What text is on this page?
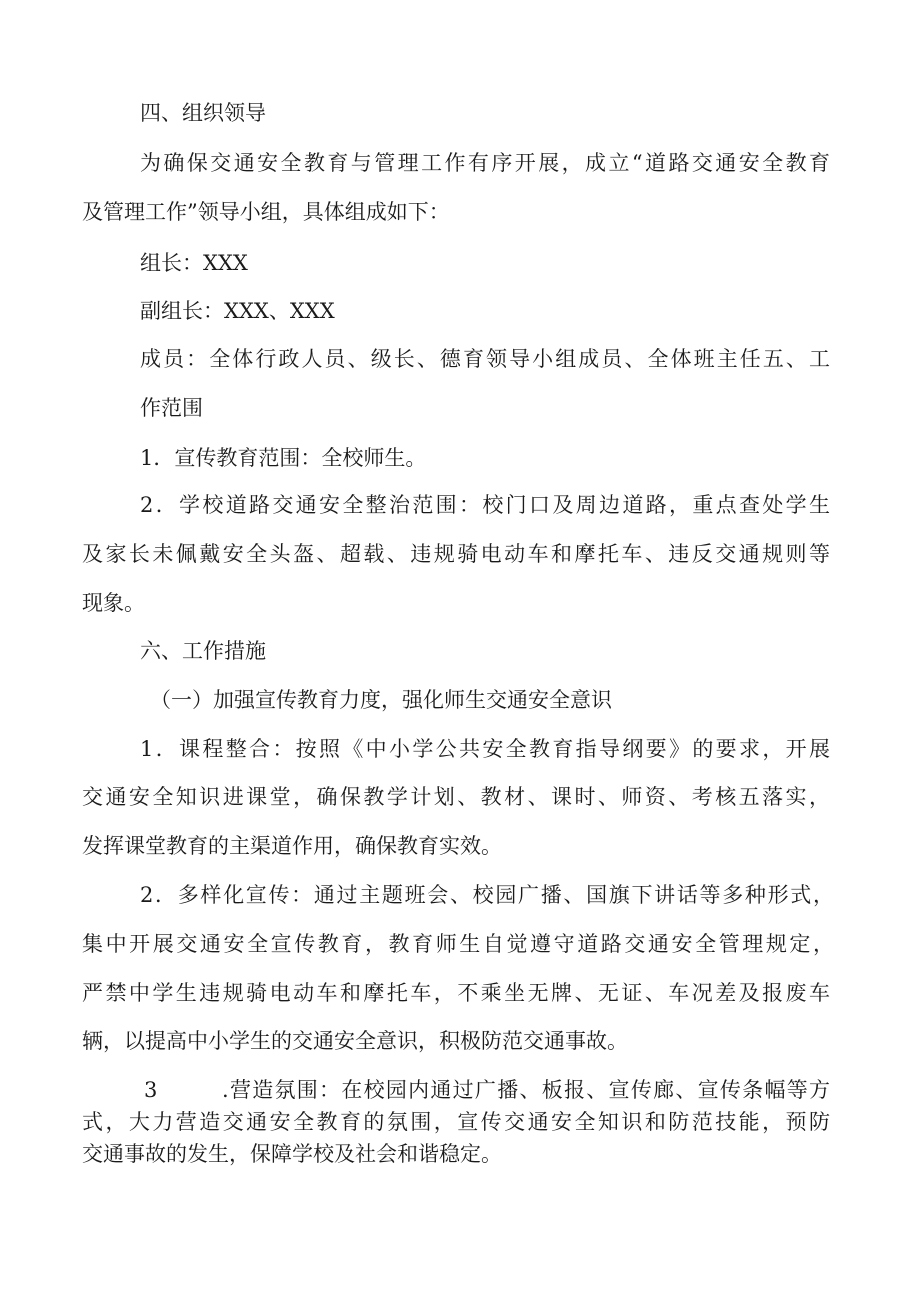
四、组织领导
为确保交通安全教育与管理工作有序开展，成立“道路交通安全教育
及管理工作”领导小组，具体组成如下：
组长：XXX
副组长：XXX、XXX
成员：全体行政人员、级长、德育领导小组成员、全体班主任五、工
作范围
1．宣传教育范围：全校师生。
2．学校道路交通安全整治范围：校门口及周边道路，重点查处学生
及家长未佩戴安全头盔、超载、违规骑电动车和摩托车、违反交通规则等
现象。
六、工作措施
（一）加强宣传教育力度，强化师生交通安全意识
1．课程整合：按照《中小学公共安全教育指导纲要》的要求，开展
交通安全知识进课堂，确保教学计划、教材、课时、师资、考核五落实，
发挥课堂教育的主渠道作用，确保教育实效。
2．多样化宣传：通过主题班会、校园广播、国旗下讲话等多种形式，
集中开展交通安全宣传教育，教育师生自觉遵守道路交通安全管理规定，
严禁中学生违规骑电动车和摩托车，不乘坐无牌、无证、车况差及报废车
辆，以提高中小学生的交通安全意识，积极防范交通事故。
3	.营造氛围：在校园内通过广播、板报、宣传廊、宣传条幅等方
式，大力营造交通安全教育的氛围，宣传交通安全知识和防范技能，预防
交通事故的发生，保障学校及社会和谐稳定。
